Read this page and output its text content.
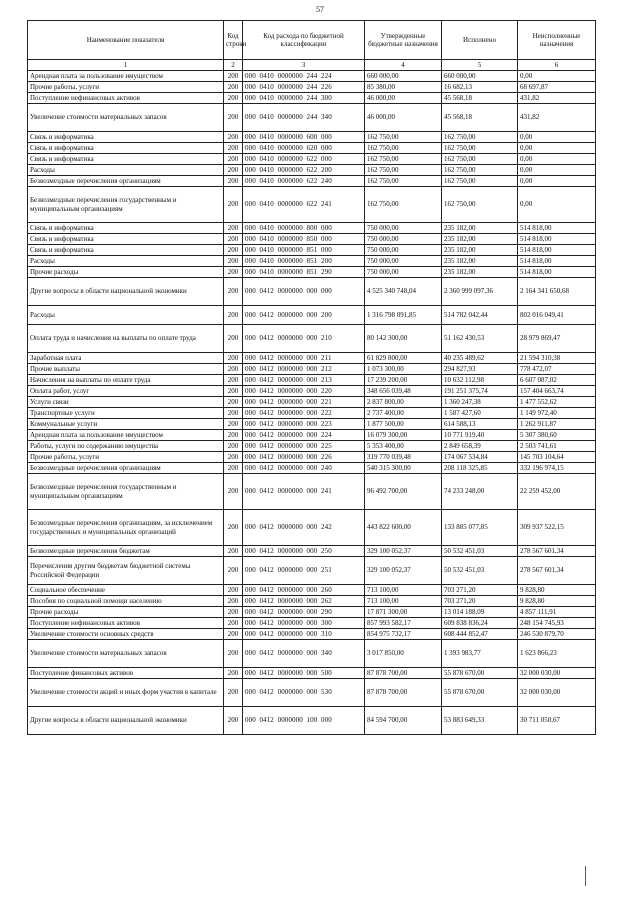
57
Наименование показателя	Код строки	Код расхода по бюджетной классификации	Утвержденные бюджетные назначения	Исполнено	Неисполненные назначения
1	2	3	4	5	6
Арендная плата за пользование имуществом	200	000  0410  0000000  244  224	660 000,00	660 000,00	0,00
Прочие работы, услуги	200	000  0410  0000000  244  226	85 380,00	16 682,13	68 697,87
Поступление нефинансовых активов	200	000  0410  0000000  244  300	46 000,00	45 568,18	431,82
Увеличение стоимости материальных запасов	200	000  0410  0000000  244  340	46 000,00	45 568,18	431,82
Связь и информатика	200	000  0410  0000000  600  000	162 750,00	162 750,00	0,00
Связь и информатика	200	000  0410  0000000  620  000	162 750,00	162 750,00	0,00
Связь и информатика	200	000  0410  0000000  622  000	162 750,00	162 750,00	0,00
Расходы	200	000  0410  0000000  622  200	162 750,00	162 750,00	0,00
Безвозмездные перечисления организациям	200	000  0410  0000000  622  240	162 750,00	162 750,00	0,00
Безвозмездные перечисления государственным и муниципальным организациям	200	000  0410  0000000  622  241	162 750,00	162 750,00	0,00
Связь и информатика	200	000  0410  0000000  800  000	750 000,00	235 182,00	514 818,00
Связь и информатика	200	000  0410  0000000  850  000	750 000,00	235 182,00	514 818,00
Связь и информатика	200	000  0410  0000000  851  000	750 000,00	235 182,00	514 818,00
Расходы	200	000  0410  0000000  851  200	750 000,00	235 182,00	514 818,00
Прочие расходы	200	000  0410  0000000  851  290	750 000,00	235 182,00	514 818,00
Другие вопросы в области национальной экономики	200	000  0412  0000000  000  000	4 525 340 748,04	2 360 999 097,36	2 164 341 650,68
Расходы	200	000  0412  0000000  000  200	1 316 798 091,85	514 782 042,44	802 016 049,41
Оплата труда и начисления на выплаты по оплате труда	200	000  0412  0000000  000  210	80 142 300,00	51 162 430,53	28 979 869,47
Заработная плата	200	000  0412  0000000  000  211	61 829 800,00	40 235 489,62	21 594 310,38
Прочие выплаты	200	000  0412  0000000  000  212	1 073 300,00	294 827,93	778 472,07
Начисления на выплаты по оплате труда	200	000  0412  0000000  000  213	17 239 200,00	10 632 112,98	6 607 087,02
Оплата работ, услуг	200	000  0412  0000000  000  220	348 656 039,48	191 251 375,74	157 404 663,74
Услуги связи	200	000  0412  0000000  000  221	2 837 800,00	1 360 247,38	1 477 552,62
Транспортные услуги	200	000  0412  0000000  000  222	2 737 400,00	1 587 427,60	1 149 972,40
Коммунальные услуги	200	000  0412  0000000  000  223	1 877 500,00	614 588,13	1 262 911,87
Арендная плата за пользование имуществом	200	000  0412  0000000  000  224	16 079 300,00	10 771 919,40	5 307 380,60
Работы, услуги по содержанию имущества	200	000  0412  0000000  000  225	5 353 400,00	2 849 658,39	2 503 741,61
Прочие работы, услуги	200	000  0412  0000000  000  226	319 770 039,48	174 067 534,84	145 703 104,64
Безвозмездные перечисления организациям	200	000  0412  0000000  000  240	540 315 300,00	208 118 325,85	332 196 974,15
Безвозмездные перечисления государственным и муниципальным организациям	200	000  0412  0000000  000  241	96 492 700,00	74 233 248,00	22 259 452,00
Безвозмездные перечисления организациям, за исключением государственных и муниципальных организаций	200	000  0412  0000000  000  242	443 822 600,00	133 885 077,85	309 937 522,15
Безвозмездные перечисления бюджетам	200	000  0412  0000000  000  250	329 100 052,37	50 532 451,03	278 567 601,34
Перечисления другим бюджетам бюджетной системы Российской Федерации	200	000  0412  0000000  000  251	329 100 052,37	50 532 451,03	278 567 601,34
Социальное обеспечение	200	000  0412  0000000  000  260	713 100,00	703 271,20	9 828,80
Пособия по социальной помощи населению	200	000  0412  0000000  000  262	713 100,00	703 271,20	9 828,80
Прочие расходы	200	000  0412  0000000  000  290	17 871 300,00	13 014 188,09	4 857 111,91
Поступление нефинансовых активов	200	000  0412  0000000  000  300	857 993 582,17	609 838 836,24	248 154 745,93
Увеличение стоимости основных средств	200	000  0412  0000000  000  310	854 975 732,17	608 444 852,47	246 530 879,70
Увеличение стоимости материальных запасов	200	000  0412  0000000  000  340	3 017 850,00	1 393 983,77	1 623 866,23
Поступление финансовых активов	200	000  0412  0000000  000  500	87 878 700,00	55 878 670,00	32 000 030,00
Увеличение стоимости акций и иных форм участия в капитале	200	000  0412  0000000  000  530	87 878 700,00	55 878 670,00	32 000 030,00
Другие вопросы в области национальной экономики	200	000  0412  0000000  100  000	84 594 700,00	53 883 649,33	30 711 050,67
